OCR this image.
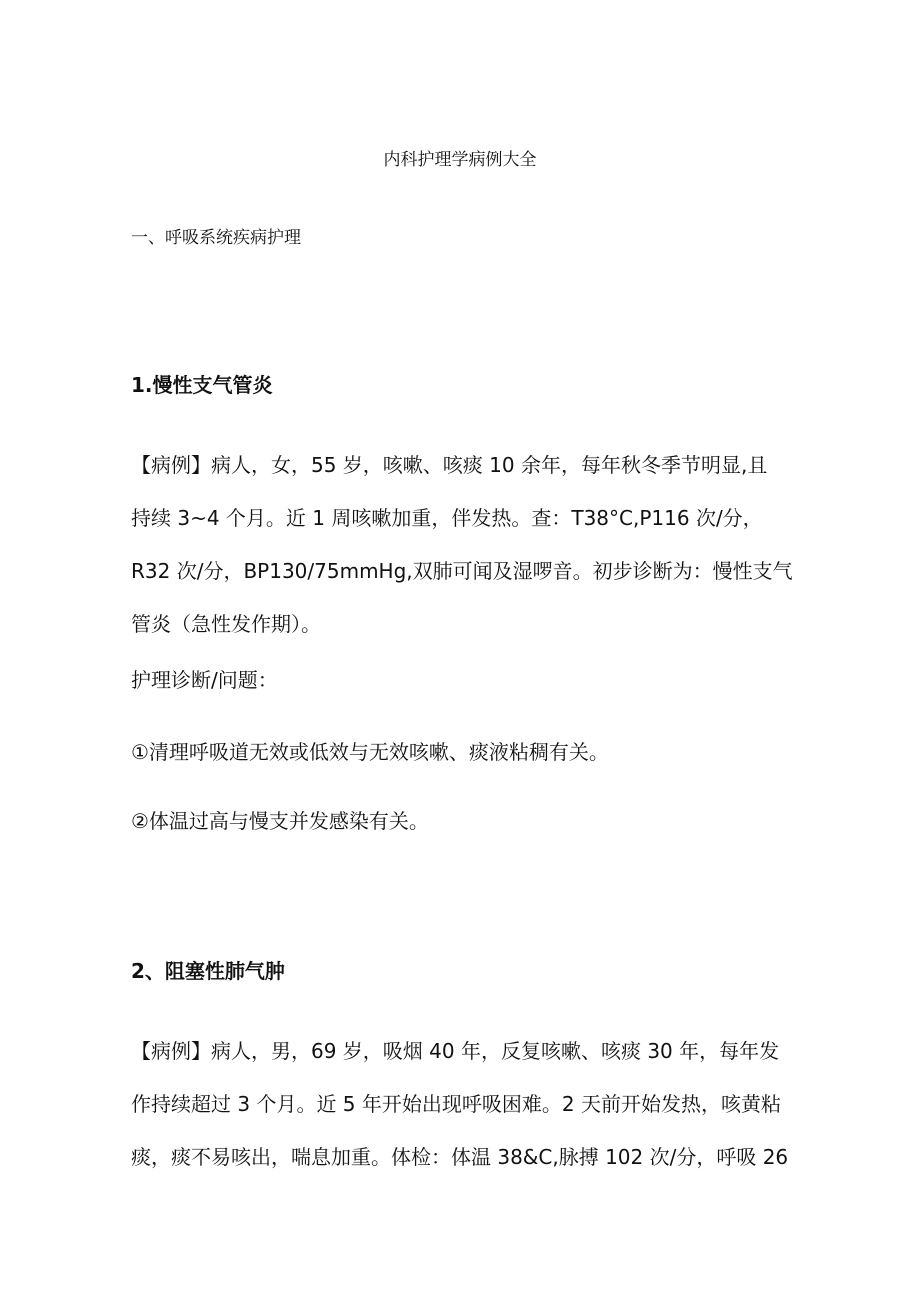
内科护理学病例大全
一、呼吸系统疾病护理
1.慢性支气管炎
【病例】病人，女，55 岁，咳嗽、咳痰 10 余年，每年秋冬季节明显,且
持续 3~4 个月。近 1 周咳嗽加重，伴发热。查：T38°C,P116 次/分，
R32 次/分，BP130/75mmHg,双肺可闻及湿啰音。初步诊断为：慢性支气
管炎（急性发作期）。

护理诊断/问题：

①清理呼吸道无效或低效与无效咳嗽、痰液粘稠有关。

②体温过高与慢支并发感染有关。

2、阻塞性肺气肿
【病例】病人，男，69 岁，吸烟 40 年，反复咳嗽、咳痰 30 年，每年发
作持续超过 3 个月。近 5 年开始出现呼吸困难。2 天前开始发热，咳黄粘
痰，痰不易咳出，喘息加重。体检：体温 38&C,脉搏 102 次/分，呼吸 26
